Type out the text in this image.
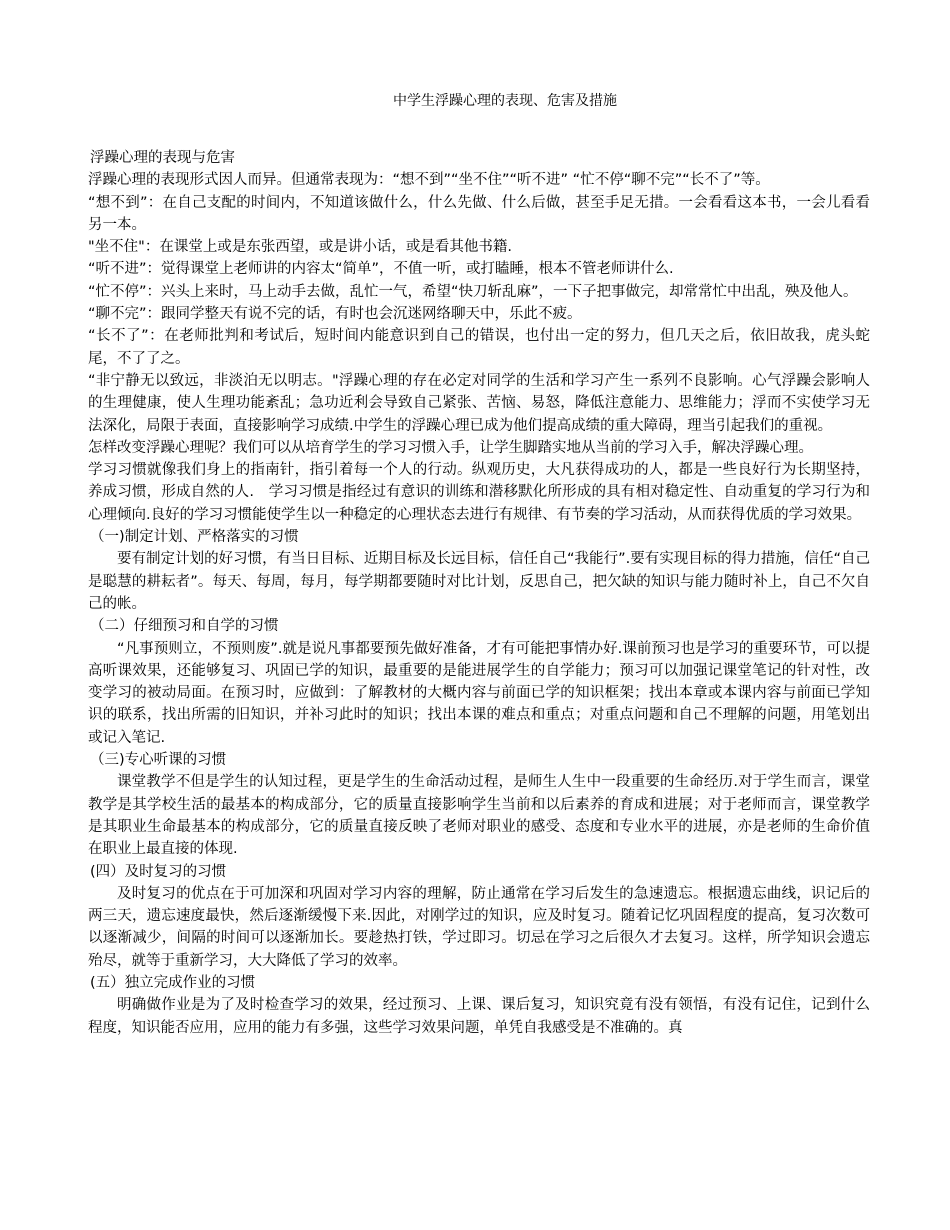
中学生浮躁心理的表现、危害及措施

浮躁心理的表现与危害

浮躁心理的表现形式因人而异。但通常表现为：“想不到”“坐不住”“听不进” “忙不停“聊不完”“长不了”等。

“想不到”：在自己支配的时间内，不知道该做什么，什么先做、什么后做，甚至手足无措。一会看看这本书，一会儿看看另一本。

"坐不住"：在课堂上或是东张西望，或是讲小话，或是看其他书籍.

“听不进”：觉得课堂上老师讲的内容太“简单”，不值一听，或打瞌睡，根本不管老师讲什么.

“忙不停”：兴头上来时，马上动手去做，乱忙一气，希望“快刀斩乱麻”，一下子把事做完，却常常忙中出乱，殃及他人。

“聊不完”：跟同学整天有说不完的话，有时也会沉迷网络聊天中，乐此不疲。

“长不了”：在老师批判和考试后，短时间内能意识到自己的错误，也付出一定的努力，但几天之后，依旧故我，虎头蛇尾，不了了之。

“非宁静无以致远，非淡泊无以明志。"浮躁心理的存在必定对同学的生活和学习产生一系列不良影响。心气浮躁会影响人的生理健康，使人生理功能紊乱；急功近利会导致自己紧张、苦恼、易怒，降低注意能力、思维能力；浮而不实使学习无法深化，局限于表面，直接影响学习成绩.中学生的浮躁心理已成为他们提高成绩的重大障碍，理当引起我们的重视。

怎样改变浮躁心理呢？我们可以从培育学生的学习习惯入手，让学生脚踏实地从当前的学习入手，解决浮躁心理。

学习习惯就像我们身上的指南针，指引着每一个人的行动。纵观历史，大凡获得成功的人，都是一些良好行为长期坚持，养成习惯，形成自然的人.　学习习惯是指经过有意识的训练和潜移默化所形成的具有相对稳定性、自动重复的学习行为和心理倾向.良好的学习习惯能使学生以一种稳定的心理状态去进行有规律、有节奏的学习活动，从而获得优质的学习效果。

（一)制定计划、严格落实的习惯

要有制定计划的好习惯，有当日目标、近期目标及长远目标，信任自己“我能行”.要有实现目标的得力措施，信任“自己是聪慧的耕耘者”。每天、每周，每月，每学期都要随时对比计划，反思自己，把欠缺的知识与能力随时补上，自己不欠自己的帐。

（二）仔细预习和自学的习惯

“凡事预则立，不预则废”.就是说凡事都要预先做好准备，才有可能把事情办好.课前预习也是学习的重要环节，可以提高听课效果，还能够复习、巩固已学的知识，最重要的是能进展学生的自学能力；预习可以加强记课堂笔记的针对性，改变学习的被动局面。在预习时，应做到：了解教材的大概内容与前面已学的知识框架；找出本章或本课内容与前面已学知识的联系，找出所需的旧知识，并补习此时的知识；找出本课的难点和重点；对重点问题和自己不理解的问题，用笔划出或记入笔记.

（三)专心听课的习惯

课堂教学不但是学生的认知过程，更是学生的生命活动过程，是师生人生中一段重要的生命经历.对于学生而言，课堂教学是其学校生活的最基本的构成部分，它的质量直接影响学生当前和以后素养的育成和进展；对于老师而言，课堂教学是其职业生命最基本的构成部分，它的质量直接反映了老师对职业的感受、态度和专业水平的进展，亦是老师的生命价值在职业上最直接的体现.

(四）及时复习的习惯

及时复习的优点在于可加深和巩固对学习内容的理解，防止通常在学习后发生的急速遗忘。根据遗忘曲线，识记后的两三天，遗忘速度最快，然后逐渐缓慢下来.因此，对刚学过的知识，应及时复习。随着记忆巩固程度的提高，复习次数可以逐渐减少，间隔的时间可以逐渐加长。要趁热打铁，学过即习。切忌在学习之后很久才去复习。这样，所学知识会遗忘殆尽，就等于重新学习，大大降低了学习的效率。

(五）独立完成作业的习惯

明确做作业是为了及时检查学习的效果，经过预习、上课、课后复习，知识究竟有没有领悟，有没有记住，记到什么程度，知识能否应用，应用的能力有多强，这些学习效果问题，单凭自我感受是不准确的。真
